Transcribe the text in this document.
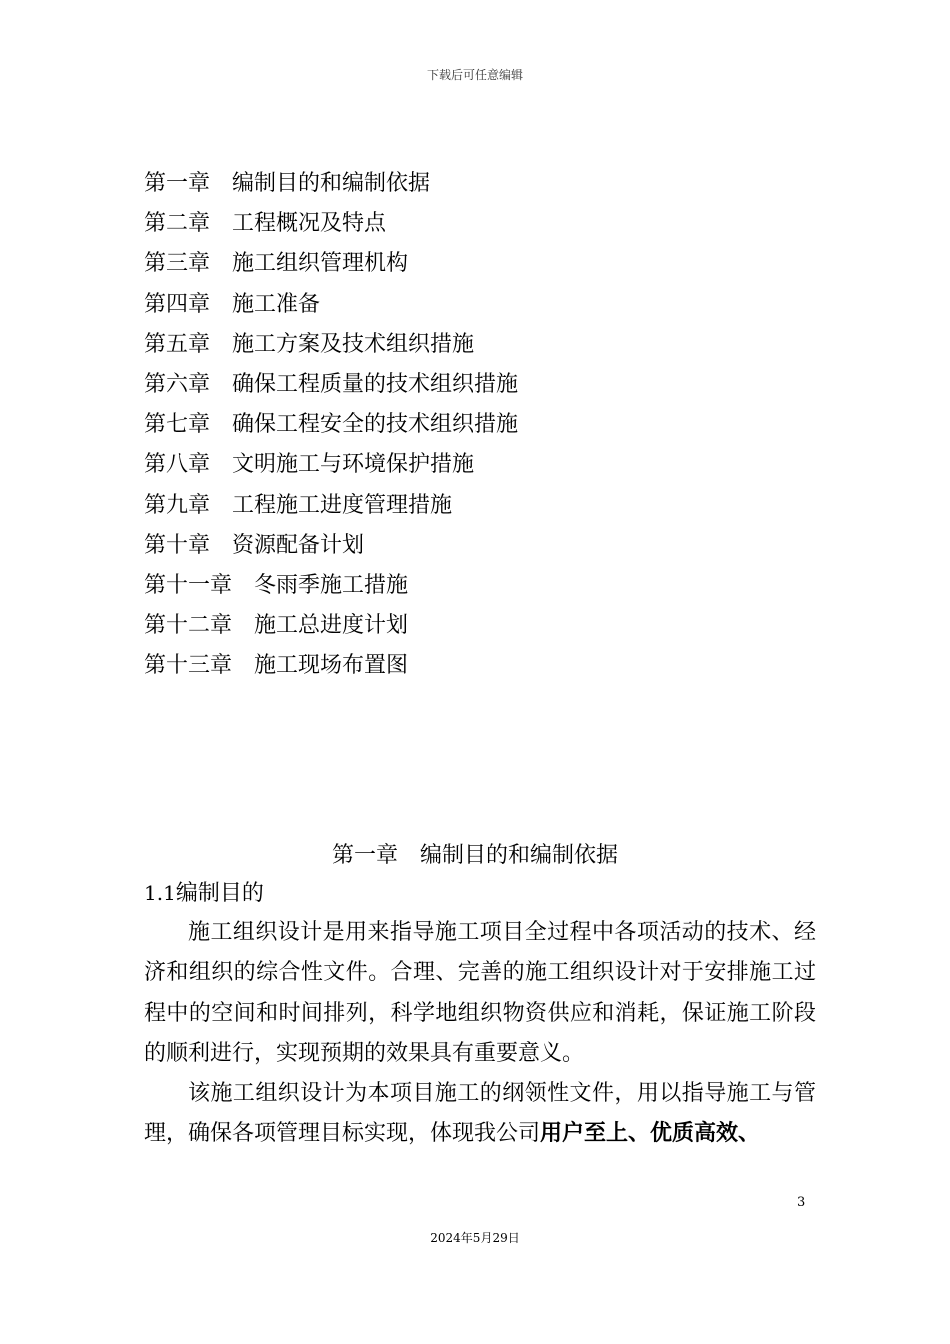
下载后可任意编辑
第一章 编制目的和编制依据
第二章 工程概况及特点
第三章 施工组织管理机构
第四章 施工准备
第五章 施工方案及技术组织措施
第六章 确保工程质量的技术组织措施
第七章 确保工程安全的技术组织措施
第八章 文明施工与环境保护措施
第九章 工程施工进度管理措施
第十章 资源配备计划
第十一章 冬雨季施工措施
第十二章 施工总进度计划
第十三章 施工现场布置图
第一章 编制目的和编制依据
1.1编制目的

施工组织设计是用来指导施工项目全过程中各项活动的技术、经济和组织的综合性文件。合理、完善的施工组织设计对于安排施工过程中的空间和时间排列，科学地组织物资供应和消耗，保证施工阶段的顺利进行，实现预期的效果具有重要意义。

该施工组织设计为本项目施工的纲领性文件，用以指导施工与管理，确保各项管理目标实现，体现我公司用户至上、优质高效、

3
2024年5月29日
